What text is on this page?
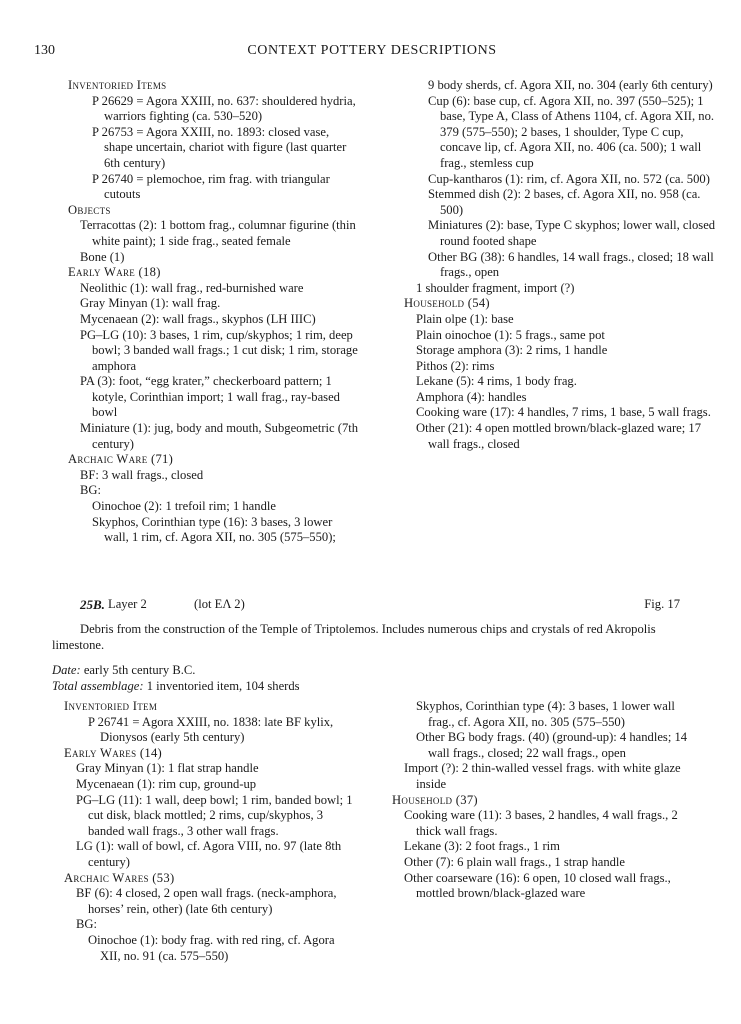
130	CONTEXT POTTERY DESCRIPTIONS
Inventoried Items
P 26629 = Agora XXIII, no. 637: shouldered hydria, warriors fighting (ca. 530–520)
P 26753 = Agora XXIII, no. 1893: closed vase, shape uncertain, chariot with figure (last quarter 6th century)
P 26740 = plemochoe, rim frag. with triangular cutouts
Objects
Terracottas (2): 1 bottom frag., columnar figurine (thin white paint); 1 side frag., seated female
Bone (1)
Early Ware (18)
Neolithic (1): wall frag., red-burnished ware
Gray Minyan (1): wall frag.
Mycenaean (2): wall frags., skyphos (LH IIIC)
PG–LG (10): 3 bases, 1 rim, cup/skyphos; 1 rim, deep bowl; 3 banded wall frags.; 1 cut disk; 1 rim, storage amphora
PA (3): foot, “egg krater,” checkerboard pattern; 1 kotyle, Corinthian import; 1 wall frag., ray-based bowl
Miniature (1): jug, body and mouth, Subgeometric (7th century)
Archaic Ware (71)
BF: 3 wall frags., closed
BG:
Oinochoe (2): 1 trefoil rim; 1 handle
Skyphos, Corinthian type (16): 3 bases, 3 lower wall, 1 rim, cf. Agora XII, no. 305 (575–550);
9 body sherds, cf. Agora XII, no. 304 (early 6th century)
Cup (6): base cup, cf. Agora XII, no. 397 (550–525); 1 base, Type A, Class of Athens 1104, cf. Agora XII, no. 379 (575–550); 2 bases, 1 shoulder, Type C cup, concave lip, cf. Agora XII, no. 406 (ca. 500); 1 wall frag., stemless cup
Cup-kantharos (1): rim, cf. Agora XII, no. 572 (ca. 500)
Stemmed dish (2): 2 bases, cf. Agora XII, no. 958 (ca. 500)
Miniatures (2): base, Type C skyphos; lower wall, closed round footed shape
Other BG (38): 6 handles, 14 wall frags., closed; 18 wall frags., open
1 shoulder fragment, import (?)
Household (54)
Plain olpe (1): base
Plain oinochoe (1): 5 frags., same pot
Storage amphora (3): 2 rims, 1 handle
Pithos (2): rims
Lekane (5): 4 rims, 1 body frag.
Amphora (4): handles
Cooking ware (17): 4 handles, 7 rims, 1 base, 5 wall frags.
Other (21): 4 open mottled brown/black-glazed ware; 17 wall frags., closed
25B. Layer 2	(lot EΛ 2)	Fig. 17
Debris from the construction of the Temple of Triptolemos. Includes numerous chips and crystals of red Akropolis limestone.
Date: early 5th century B.C.
Total assemblage: 1 inventoried item, 104 sherds
Inventoried Item
P 26741 = Agora XXIII, no. 1838: late BF kylix, Dionysos (early 5th century)
Early Wares (14)
Gray Minyan (1): 1 flat strap handle
Mycenaean (1): rim cup, ground-up
PG–LG (11): 1 wall, deep bowl; 1 rim, banded bowl; 1 cut disk, black mottled; 2 rims, cup/skyphos, 3 banded wall frags., 3 other wall frags.
LG (1): wall of bowl, cf. Agora VIII, no. 97 (late 8th century)
Archaic Wares (53)
BF (6): 4 closed, 2 open wall frags. (neck-amphora, horses’ rein, other) (late 6th century)
BG:
Oinochoe (1): body frag. with red ring, cf. Agora XII, no. 91 (ca. 575–550)
Skyphos, Corinthian type (4): 3 bases, 1 lower wall frag., cf. Agora XII, no. 305 (575–550)
Other BG body frags. (40) (ground-up): 4 handles; 14 wall frags., closed; 22 wall frags., open
Import (?): 2 thin-walled vessel frags. with white glaze inside
Household (37)
Cooking ware (11): 3 bases, 2 handles, 4 wall frags., 2 thick wall frags.
Lekane (3): 2 foot frags., 1 rim
Other (7): 6 plain wall frags., 1 strap handle
Other coarseware (16): 6 open, 10 closed wall frags., mottled brown/black-glazed ware
